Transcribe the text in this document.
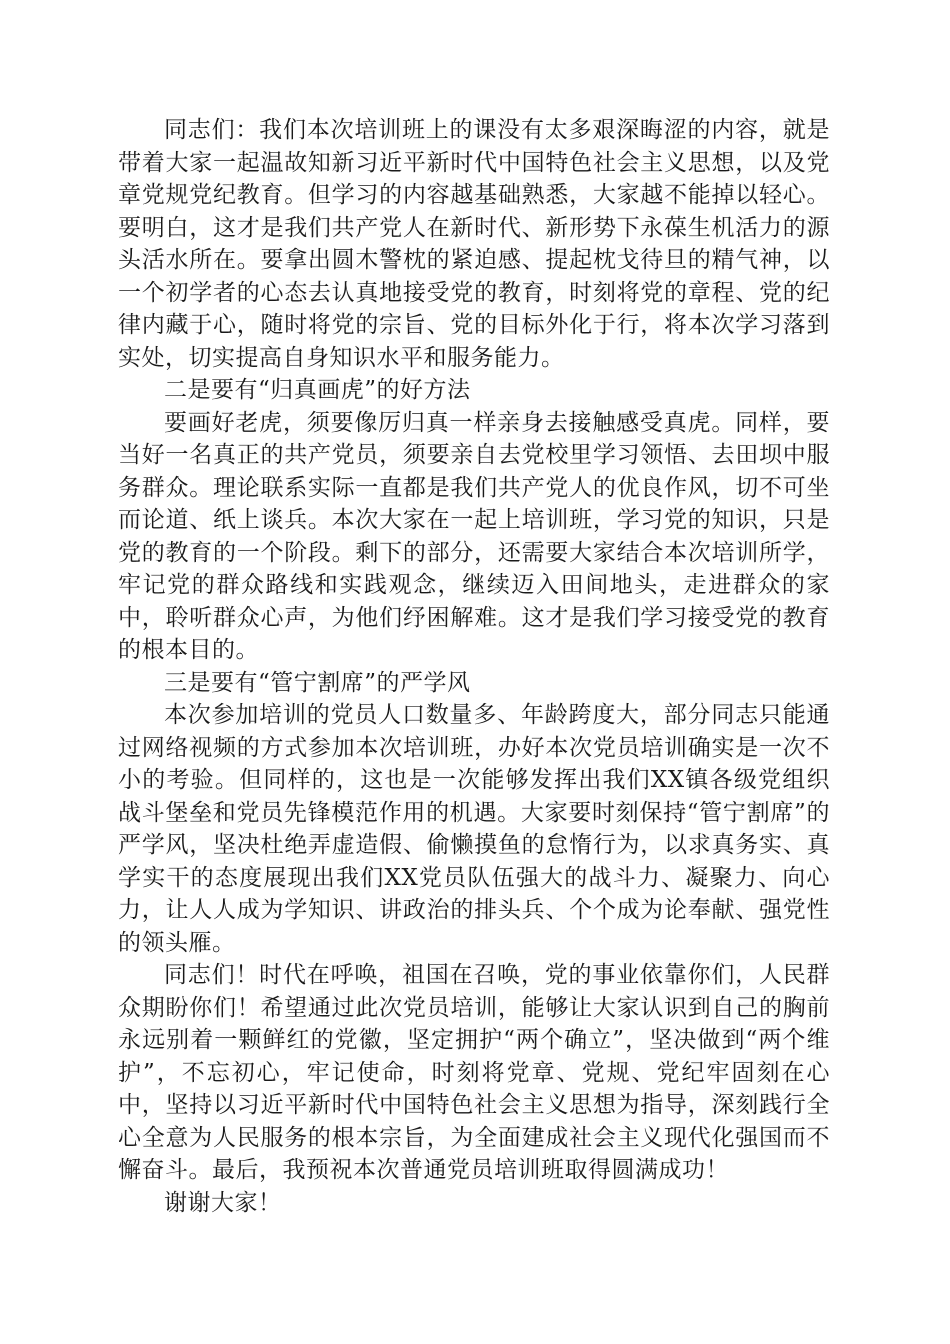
同志们：我们本次培训班上的课没有太多艰深晦涩的内容，就是带着大家一起温故知新习近平新时代中国特色社会主义思想，以及党章党规党纪教育。但学习的内容越基础熟悉，大家越不能掉以轻心。要明白，这才是我们共产党人在新时代、新形势下永葆生机活力的源头活水所在。要拿出圆木警枕的紧迫感、提起枕戈待旦的精气神，以一个初学者的心态去认真地接受党的教育，时刻将党的章程、党的纪律内藏于心，随时将党的宗旨、党的目标外化于行，将本次学习落到实处，切实提高自身知识水平和服务能力。

二是要有“归真画虎”的好方法

要画好老虎，须要像厉归真一样亲身去接触感受真虎。同样，要当好一名真正的共产党员，须要亲自去党校里学习领悟、去田坝中服务群众。理论联系实际一直都是我们共产党人的优良作风，切不可坐而论道、纸上谈兵。本次大家在一起上培训班，学习党的知识，只是党的教育的一个阶段。剩下的部分，还需要大家结合本次培训所学，牢记党的群众路线和实践观念，继续迈入田间地头，走进群众的家中，聆听群众心声，为他们纾困解难。这才是我们学习接受党的教育的根本目的。

三是要有“管宁割席”的严学风

本次参加培训的党员人口数量多、年龄跨度大，部分同志只能通过网络视频的方式参加本次培训班，办好本次党员培训确实是一次不小的考验。但同样的，这也是一次能够发挥出我们XX镇各级党组织战斗堡垒和党员先锋模范作用的机遇。大家要时刻保持“管宁割席”的严学风，坚决杜绝弄虚造假、偷懒摸鱼的怠惰行为，以求真务实、真学实干的态度展现出我们XX党员队伍强大的战斗力、凝聚力、向心力，让人人成为学知识、讲政治的排头兵、个个成为论奉献、强党性的领头雁。

同志们！时代在呼唤，祖国在召唤，党的事业依靠你们，人民群众期盼你们！希望通过此次党员培训，能够让大家认识到自己的胸前永远别着一颗鲜红的党徽，坚定拥护“两个确立”，坚决做到“两个维护”，不忘初心，牢记使命，时刻将党章、党规、党纪牢固刻在心中，坚持以习近平新时代中国特色社会主义思想为指导，深刻践行全心全意为人民服务的根本宗旨，为全面建成社会主义现代化强国而不懈奋斗。最后，我预祝本次普通党员培训班取得圆满成功！

谢谢大家！
